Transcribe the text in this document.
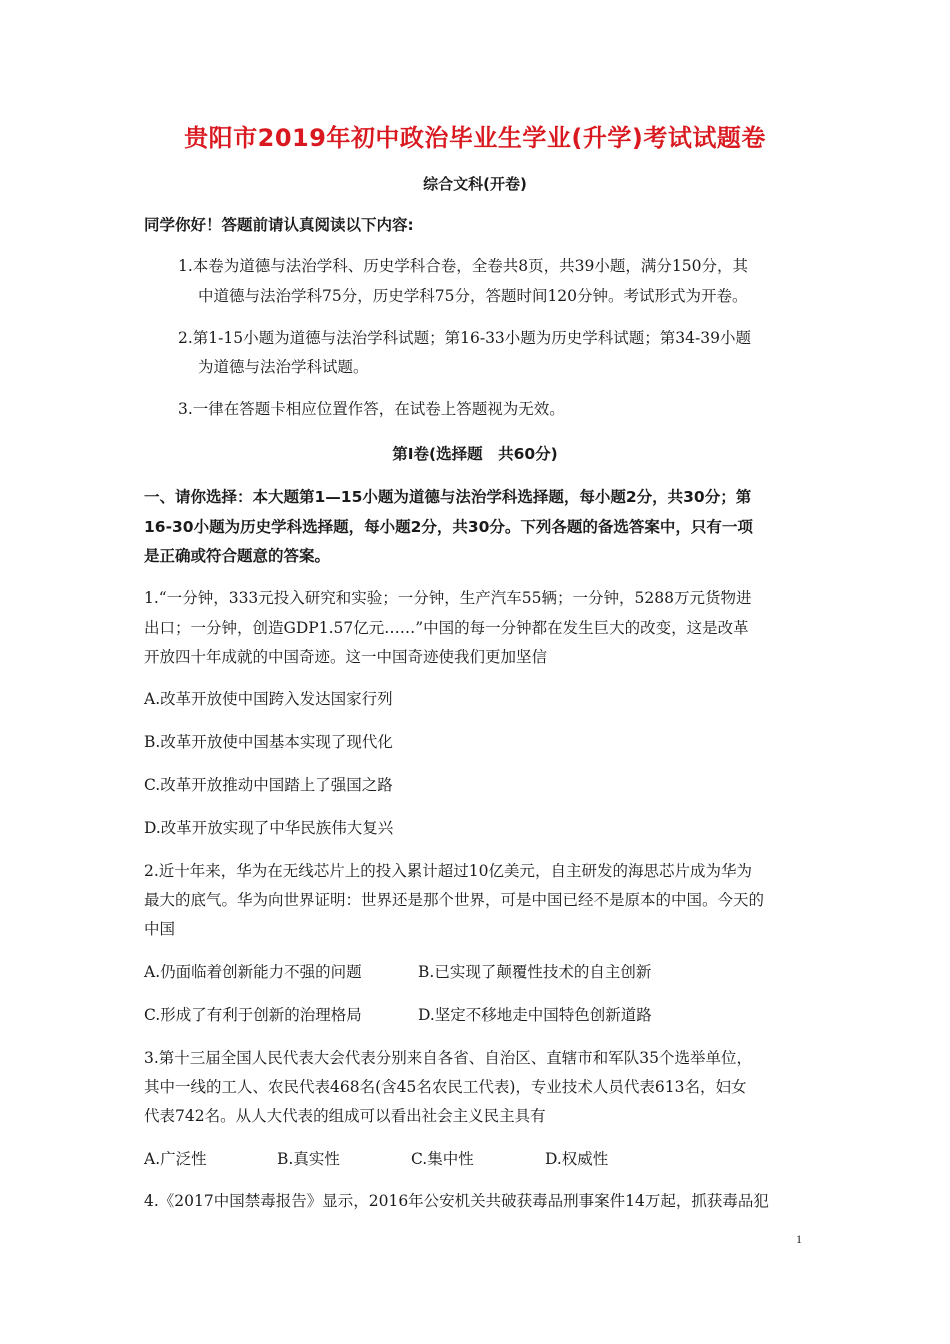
贵阳市2019年初中政治毕业生学业(升学)考试试题卷
综合文科(开卷)
同学你好！答题前请认真阅读以下内容:
1.本卷为道德与法治学科、历史学科合卷，全卷共8页，共39小题，满分150分，其
中道德与法治学科75分，历史学科75分，答题时间120分钟。考试形式为开卷。
2.第1-15小题为道德与法治学科试题；第16-33小题为历史学科试题；第34-39小题
为道德与法治学科试题。
3.一律在答题卡相应位置作答，在试卷上答题视为无效。
第Ⅰ卷(选择题　共60分)
一、请你选择：本大题第1—15小题为道德与法治学科选择题，每小题2分，共30分；第
16-30小题为历史学科选择题，每小题2分，共30分。下列各题的备选答案中，只有一项
是正确或符合题意的答案。
1.“一分钟，333元投入研究和实验；一分钟，生产汽车55辆；一分钟，5288万元货物进
出口；一分钟，创造GDP1.57亿元……”中国的每一分钟都在发生巨大的改变，这是改革
开放四十年成就的中国奇迹。这一中国奇迹使我们更加坚信
A.改革开放使中国跨入发达国家行列
B.改革开放使中国基本实现了现代化
C.改革开放推动中国踏上了强国之路
D.改革开放实现了中华民族伟大复兴
2.近十年来，华为在无线芯片上的投入累计超过10亿美元，自主研发的海思芯片成为华为
最大的底气。华为向世界证明：世界还是那个世界，可是中国已经不是原本的中国。今天的
中国
A.仍面临着创新能力不强的问题	B.已实现了颠覆性技术的自主创新
C.形成了有利于创新的治理格局	D.坚定不移地走中国特色创新道路
3.第十三届全国人民代表大会代表分别来自各省、自治区、直辖市和军队35个选举单位，
其中一线的工人、农民代表468名(含45名农民工代表)，专业技术人员代表613名，妇女
代表742名。从人大代表的组成可以看出社会主义民主具有
A.广泛性	B.真实性	C.集中性	D.权威性
4.《2017中国禁毒报告》显示，2016年公安机关共破获毒品刑事案件14万起，抓获毒品犯
1
